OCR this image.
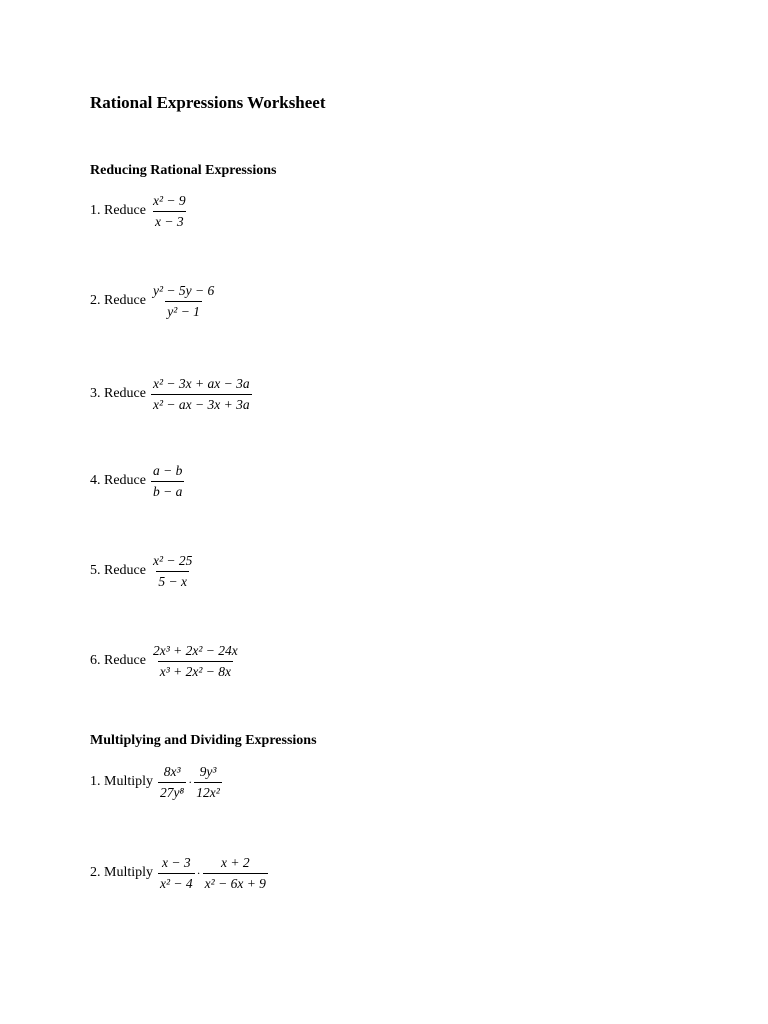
Rational Expressions Worksheet
Reducing Rational Expressions
1. Reduce $\frac{\text{x² − 9}}{x - 3}$
2. Reduce $\frac{\text{y² − 5y − 6}}{\text{y² − 1}}$
3. Reduce $\frac{\text{x² − 3x + ax − 3a}}{\text{x² − ax − 3x + 3a}}$
4. Reduce $\frac{a - b}{b - a}$
5. Reduce $\frac{\text{x² − 25}}{5 - x}$
6. Reduce $\frac{\text{2x³ + 2x² − 24x}}{\text{x³ + 2x² − 8x}}$
Multiplying and Dividing Expressions
1. Multiply $\frac{\text{8x³}}{\text{27y⁸}} \cdot \frac{\text{9y³}}{\text{12x²}}$
2. Multiply $\frac{x - 3}{\text{x² − 4}} \cdot \frac{x + 2}{\text{x² − 6x + 9}}$
